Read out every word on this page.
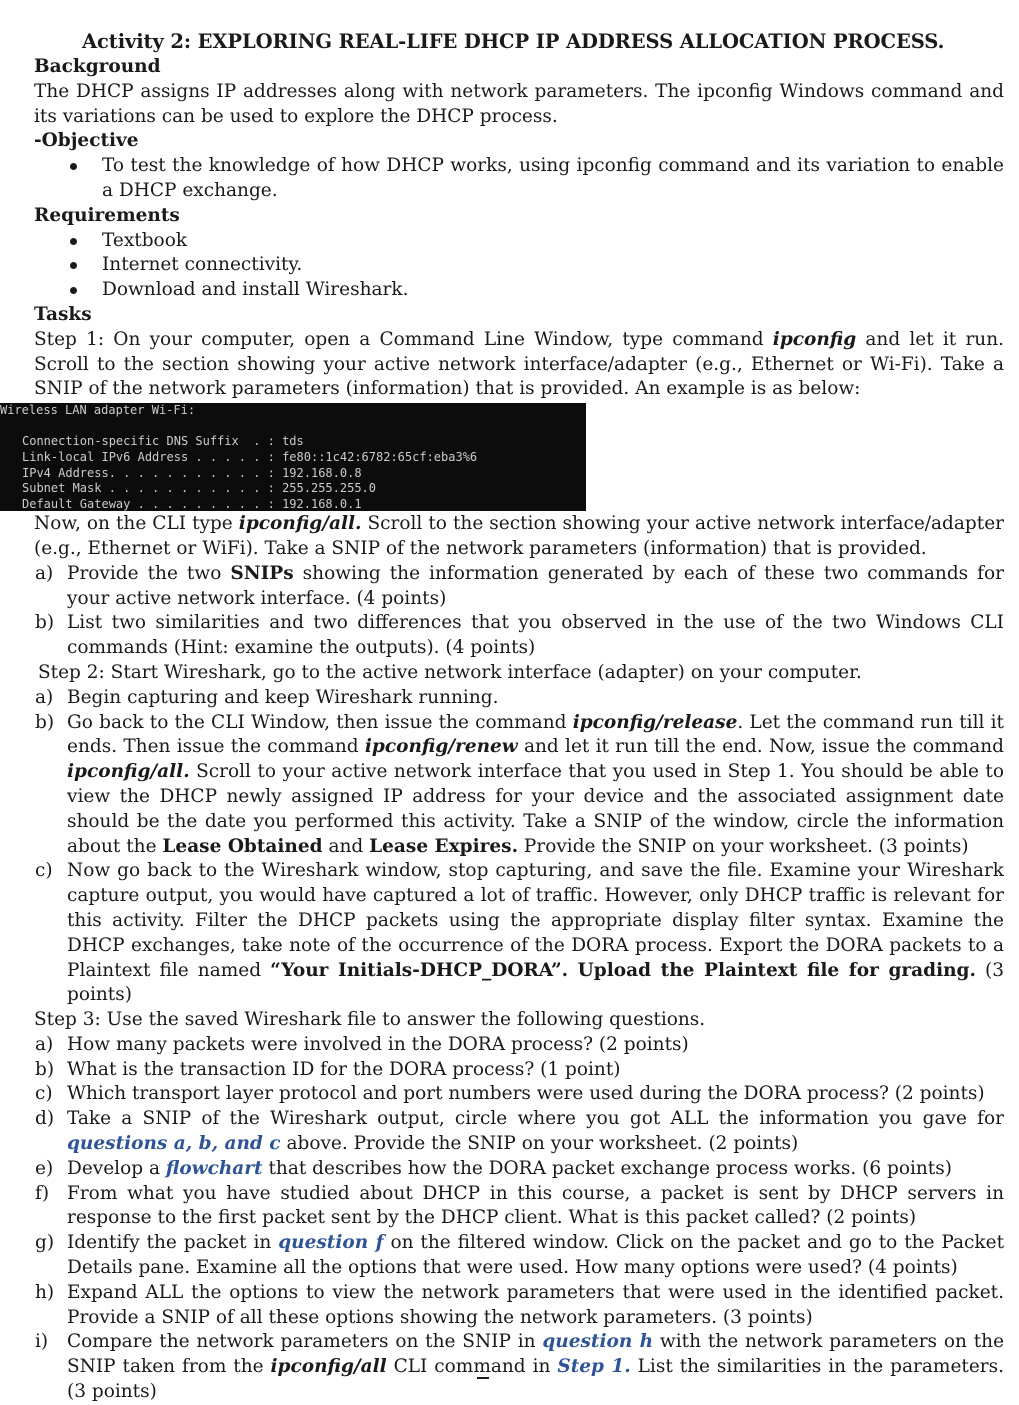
Activity 2: EXPLORING REAL-LIFE DHCP IP ADDRESS ALLOCATION PROCESS.
Background

The DHCP assigns IP addresses along with network parameters. The ipconfig Windows command and its variations can be used to explore the DHCP process.

-Objective
To test the knowledge of how DHCP works, using ipconfig command and its variation to enable a DHCP exchange.
Requirements
Textbook
Internet connectivity.
Download and install Wireshark.
Tasks

Step 1: On your computer, open a Command Line Window, type command ipconfig and let it run. Scroll to the section showing your active network interface/adapter (e.g., Ethernet or Wi-Fi). Take a SNIP of the network parameters (information) that is provided. An example is as below:

Wireless LAN adapter Wi-Fi:
Connection-specific DNS Suffix  . : tds
Link-local IPv6 Address . . . . . : fe80::1c42:6782:65cf:eba3%6
IPv4 Address. . . . . . . . . . . : 192.168.0.8
Subnet Mask . . . . . . . . . . . : 255.255.255.0
Default Gateway . . . . . . . . . : 192.168.0.1

Now, on the CLI type ipconfig/all. Scroll to the section showing your active network interface/adapter (e.g., Ethernet or WiFi). Take a SNIP of the network parameters (information) that is provided.

a) Provide the two SNIPs showing the information generated by each of these two commands for your active network interface. (4 points)
b) List two similarities and two differences that you observed in the use of the two Windows CLI commands (Hint: examine the outputs). (4 points)

Step 2: Start Wireshark, go to the active network interface (adapter) on your computer.

a) Begin capturing and keep Wireshark running.
b) Go back to the CLI Window, then issue the command ipconfig/release. Let the command run till it ends. Then issue the command ipconfig/renew and let it run till the end. Now, issue the command ipconfig/all. Scroll to your active network interface that you used in Step 1. You should be able to view the DHCP newly assigned IP address for your device and the associated assignment date should be the date you performed this activity. Take a SNIP of the window, circle the information about the Lease Obtained and Lease Expires. Provide the SNIP on your worksheet. (3 points)
c) Now go back to the Wireshark window, stop capturing, and save the file. Examine your Wireshark capture output, you would have captured a lot of traffic. However, only DHCP traffic is relevant for this activity. Filter the DHCP packets using the appropriate display filter syntax. Examine the DHCP exchanges, take note of the occurrence of the DORA process. Export the DORA packets to a Plaintext file named “Your Initials-DHCP_DORA”. Upload the Plaintext file for grading. (3 points)

Step 3: Use the saved Wireshark file to answer the following questions.

a) How many packets were involved in the DORA process? (2 points)
b) What is the transaction ID for the DORA process? (1 point)
c) Which transport layer protocol and port numbers were used during the DORA process? (2 points)
d) Take a SNIP of the Wireshark output, circle where you got ALL the information you gave for questions a, b, and c above. Provide the SNIP on your worksheet. (2 points)
e) Develop a flowchart that describes how the DORA packet exchange process works. (6 points)
f) From what you have studied about DHCP in this course, a packet is sent by DHCP servers in response to the first packet sent by the DHCP client. What is this packet called? (2 points)
g) Identify the packet in question f on the filtered window. Click on the packet and go to the Packet Details pane. Examine all the options that were used. How many options were used? (4 points)
h) Expand ALL the options to view the network parameters that were used in the identified packet. Provide a SNIP of all these options showing the network parameters. (3 points)
i) Compare the network parameters on the SNIP in question h with the network parameters on the SNIP taken from the ipconfig/all CLI command in Step 1. List the similarities in the parameters. (3 points)
